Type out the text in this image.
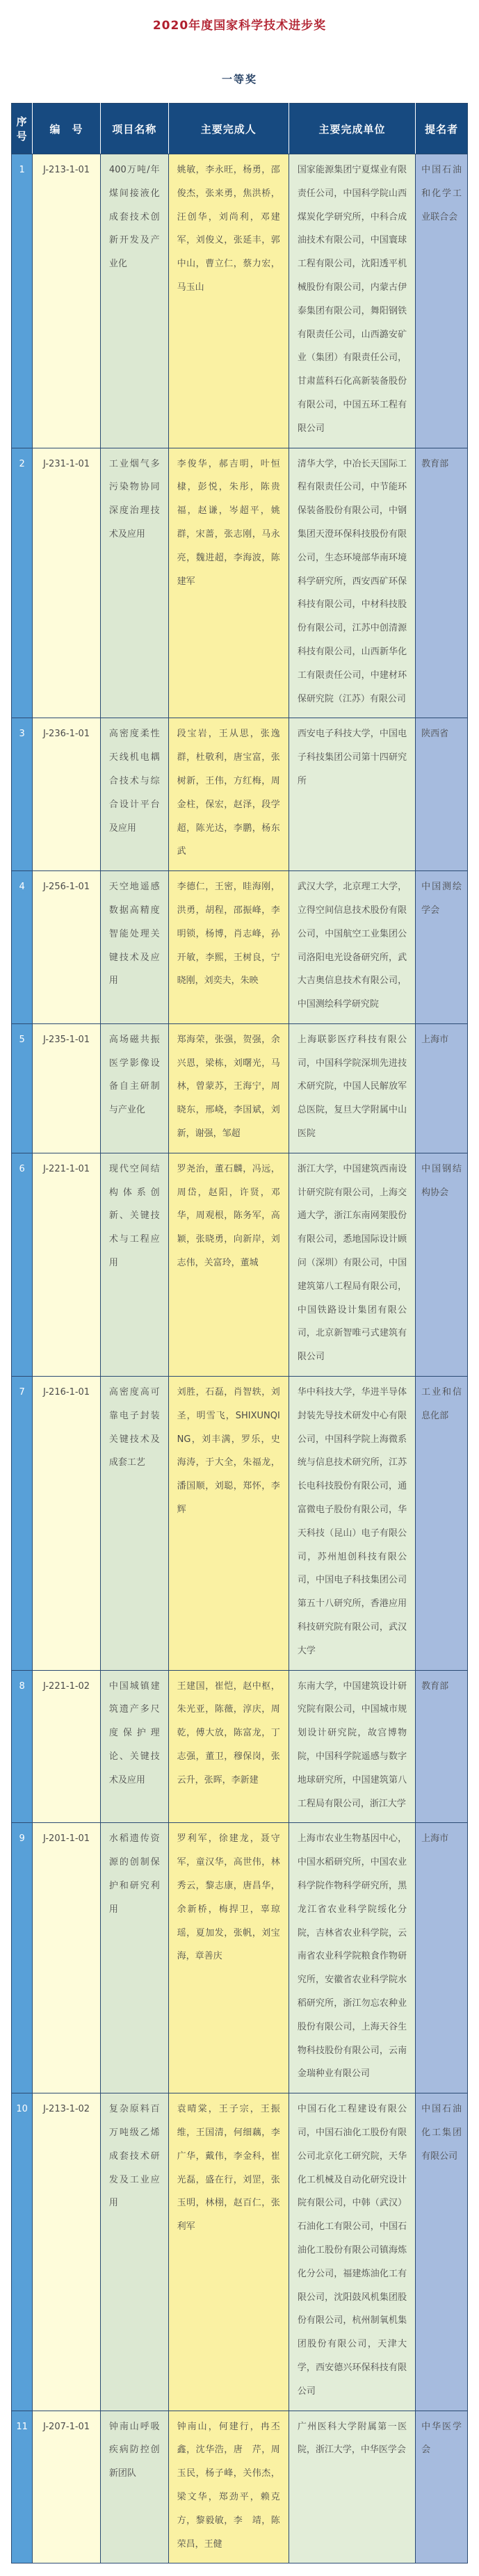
2020年度国家科学技术进步奖
一等奖
序号	编　号	项目名称	主要完成人	主要完成单位	提名者
1	J-213-1-01	400万吨/年煤间接液化成套技术创新开发及产业化	姚敏，李永旺，杨勇，邵俊杰，张来勇，焦洪桥，汪创华，刘尚利，邓建军，刘俊义，张延丰，郭中山，曹立仁，蔡力宏，马玉山	国家能源集团宁夏煤业有限责任公司，中国科学院山西煤炭化学研究所，中科合成油技术有限公司，中国寰球工程有限公司，沈阳透平机械股份有限公司，内蒙古伊泰集团有限公司，舞阳钢铁有限责任公司，山西潞安矿业（集团）有限责任公司，甘肃蓝科石化高新装备股份有限公司，中国五环工程有限公司	中国石油和化学工业联合会
2	J-231-1-01	工业烟气多污染物协同深度治理技术及应用	李俊华，郝吉明，叶恒棣，彭悦，朱彤，陈贵福，赵谦，岑超平，姚群，宋蔷，张志刚，马永亮，魏进超，李海波，陈建军	清华大学，中冶长天国际工程有限责任公司，中节能环保装备股份有限公司，中钢集团天澄环保科技股份有限公司，生态环境部华南环境科学研究所，西安西矿环保科技有限公司，中材科技股份有限公司，江苏中创清源科技有限公司，山西新华化工有限责任公司，中建材环保研究院（江苏）有限公司	教育部
3	J-236-1-01	高密度柔性天线机电耦合技术与综合设计平台及应用	段宝岩，王从思，张逸群，杜敬利，唐宝富，张树新，王伟，方红梅，周金柱，保宏，赵泽，段学超，陈光达，李鹏，杨东武	西安电子科技大学，中国电子科技集团公司第十四研究所	陕西省
4	J-256-1-01	天空地遥感数据高精度智能处理关键技术及应用	李德仁，王密，眭海刚，洪勇，胡程，邵振峰，李明锁，杨博，肖志峰，孙开敏，李熙，王树良，宁晓刚，刘奕夫，朱映	武汉大学，北京理工大学，立得空间信息技术股份有限公司，中国航空工业集团公司洛阳电光设备研究所，武大吉奥信息技术有限公司，中国测绘科学研究院	中国测绘学会
5	J-235-1-01	高场磁共振医学影像设备自主研制与产业化	郑海荣，张强，贺强，余兴恩，梁栋，刘曙光，马林，曾蒙苏，王海宁，周晓东，邢峣，李国斌，刘新，谢强，邹超	上海联影医疗科技有限公司，中国科学院深圳先进技术研究院，中国人民解放军总医院，复旦大学附属中山医院	上海市
6	J-221-1-01	现代空间结构体系创新、关键技术与工程应用	罗尧治，董石麟，冯远，周岱，赵阳，许贤，邓华，周观根，陈务军，高颖，张晓勇，向新岸，刘志伟，关富玲，董城	浙江大学，中国建筑西南设计研究院有限公司，上海交通大学，浙江东南网架股份有限公司，悉地国际设计顾问（深圳）有限公司，中国建筑第八工程局有限公司，中国铁路设计集团有限公司，北京新智唯弓式建筑有限公司	中国钢结构协会
7	J-216-1-01	高密度高可靠电子封装关键技术及成套工艺	刘胜，石磊，肖智轶，刘圣，明雪飞，SHIXUNQING，刘丰满，罗乐，史海涛，于大全，朱福龙，潘国顺，刘聪，郑怀，李辉	华中科技大学，华进半导体封装先导技术研发中心有限公司，中国科学院上海微系统与信息技术研究所，江苏长电科技股份有限公司，通富微电子股份有限公司，华天科技（昆山）电子有限公司，苏州旭创科技有限公司，中国电子科技集团公司第五十八研究所，香港应用科技研究院有限公司，武汉大学	工业和信息化部
8	J-221-1-02	中国城镇建筑遗产多尺度保护理论、关键技术及应用	王建国，崔恺，赵中枢，朱光亚，陈薇，淳庆，周乾，傅大放，陈富龙，丁志强，董卫，穆保岗，张云升，张晖，李新建	东南大学，中国建筑设计研究院有限公司，中国城市规划设计研究院，故宫博物院，中国科学院遥感与数字地球研究所，中国建筑第八工程局有限公司，浙江大学	教育部
9	J-201-1-01	水稻遗传资源的创制保护和研究利用	罗利军，徐建龙，聂守军，童汉华，高世伟，林秀云，黎志康，唐昌华，余新桥，梅捍卫，辜琼瑶，夏加发，张帆，刘宝海，章善庆	上海市农业生物基因中心，中国水稻研究所，中国农业科学院作物科学研究所，黑龙江省农业科学院绥化分院，吉林省农业科学院，云南省农业科学院粮食作物研究所，安徽省农业科学院水稻研究所，浙江勿忘农种业股份有限公司，上海天谷生物科技股份有限公司，云南金瑞种业有限公司	上海市
10	J-213-1-02	复杂原料百万吨级乙烯成套技术研发及工业应用	袁晴棠，王子宗，王振维，王国清，何细藕，李广华，戴伟，李金科，崔光磊，盛在行，刘罡，张玉明，林栩，赵百仁，张利军	中国石化工程建设有限公司，中国石油化工股份有限公司北京化工研究院，天华化工机械及自动化研究设计院有限公司，中韩（武汉）石油化工有限公司，中国石油化工股份有限公司镇海炼化分公司，福建炼油化工有限公司，沈阳鼓风机集团股份有限公司，杭州制氧机集团股份有限公司，天津大学，西安德兴环保科技有限公司	中国石油化工集团有限公司
11	J-207-1-01	钟南山呼吸疾病防控创新团队	钟南山，何建行，冉丕鑫，沈华浩，唐　芹，周玉民，杨子峰，关伟杰，梁文华，郑劲平，赖克方，黎毅敏，李　靖，陈荣昌，王健	广州医科大学附属第一医院，浙江大学，中华医学会	中华医学会
